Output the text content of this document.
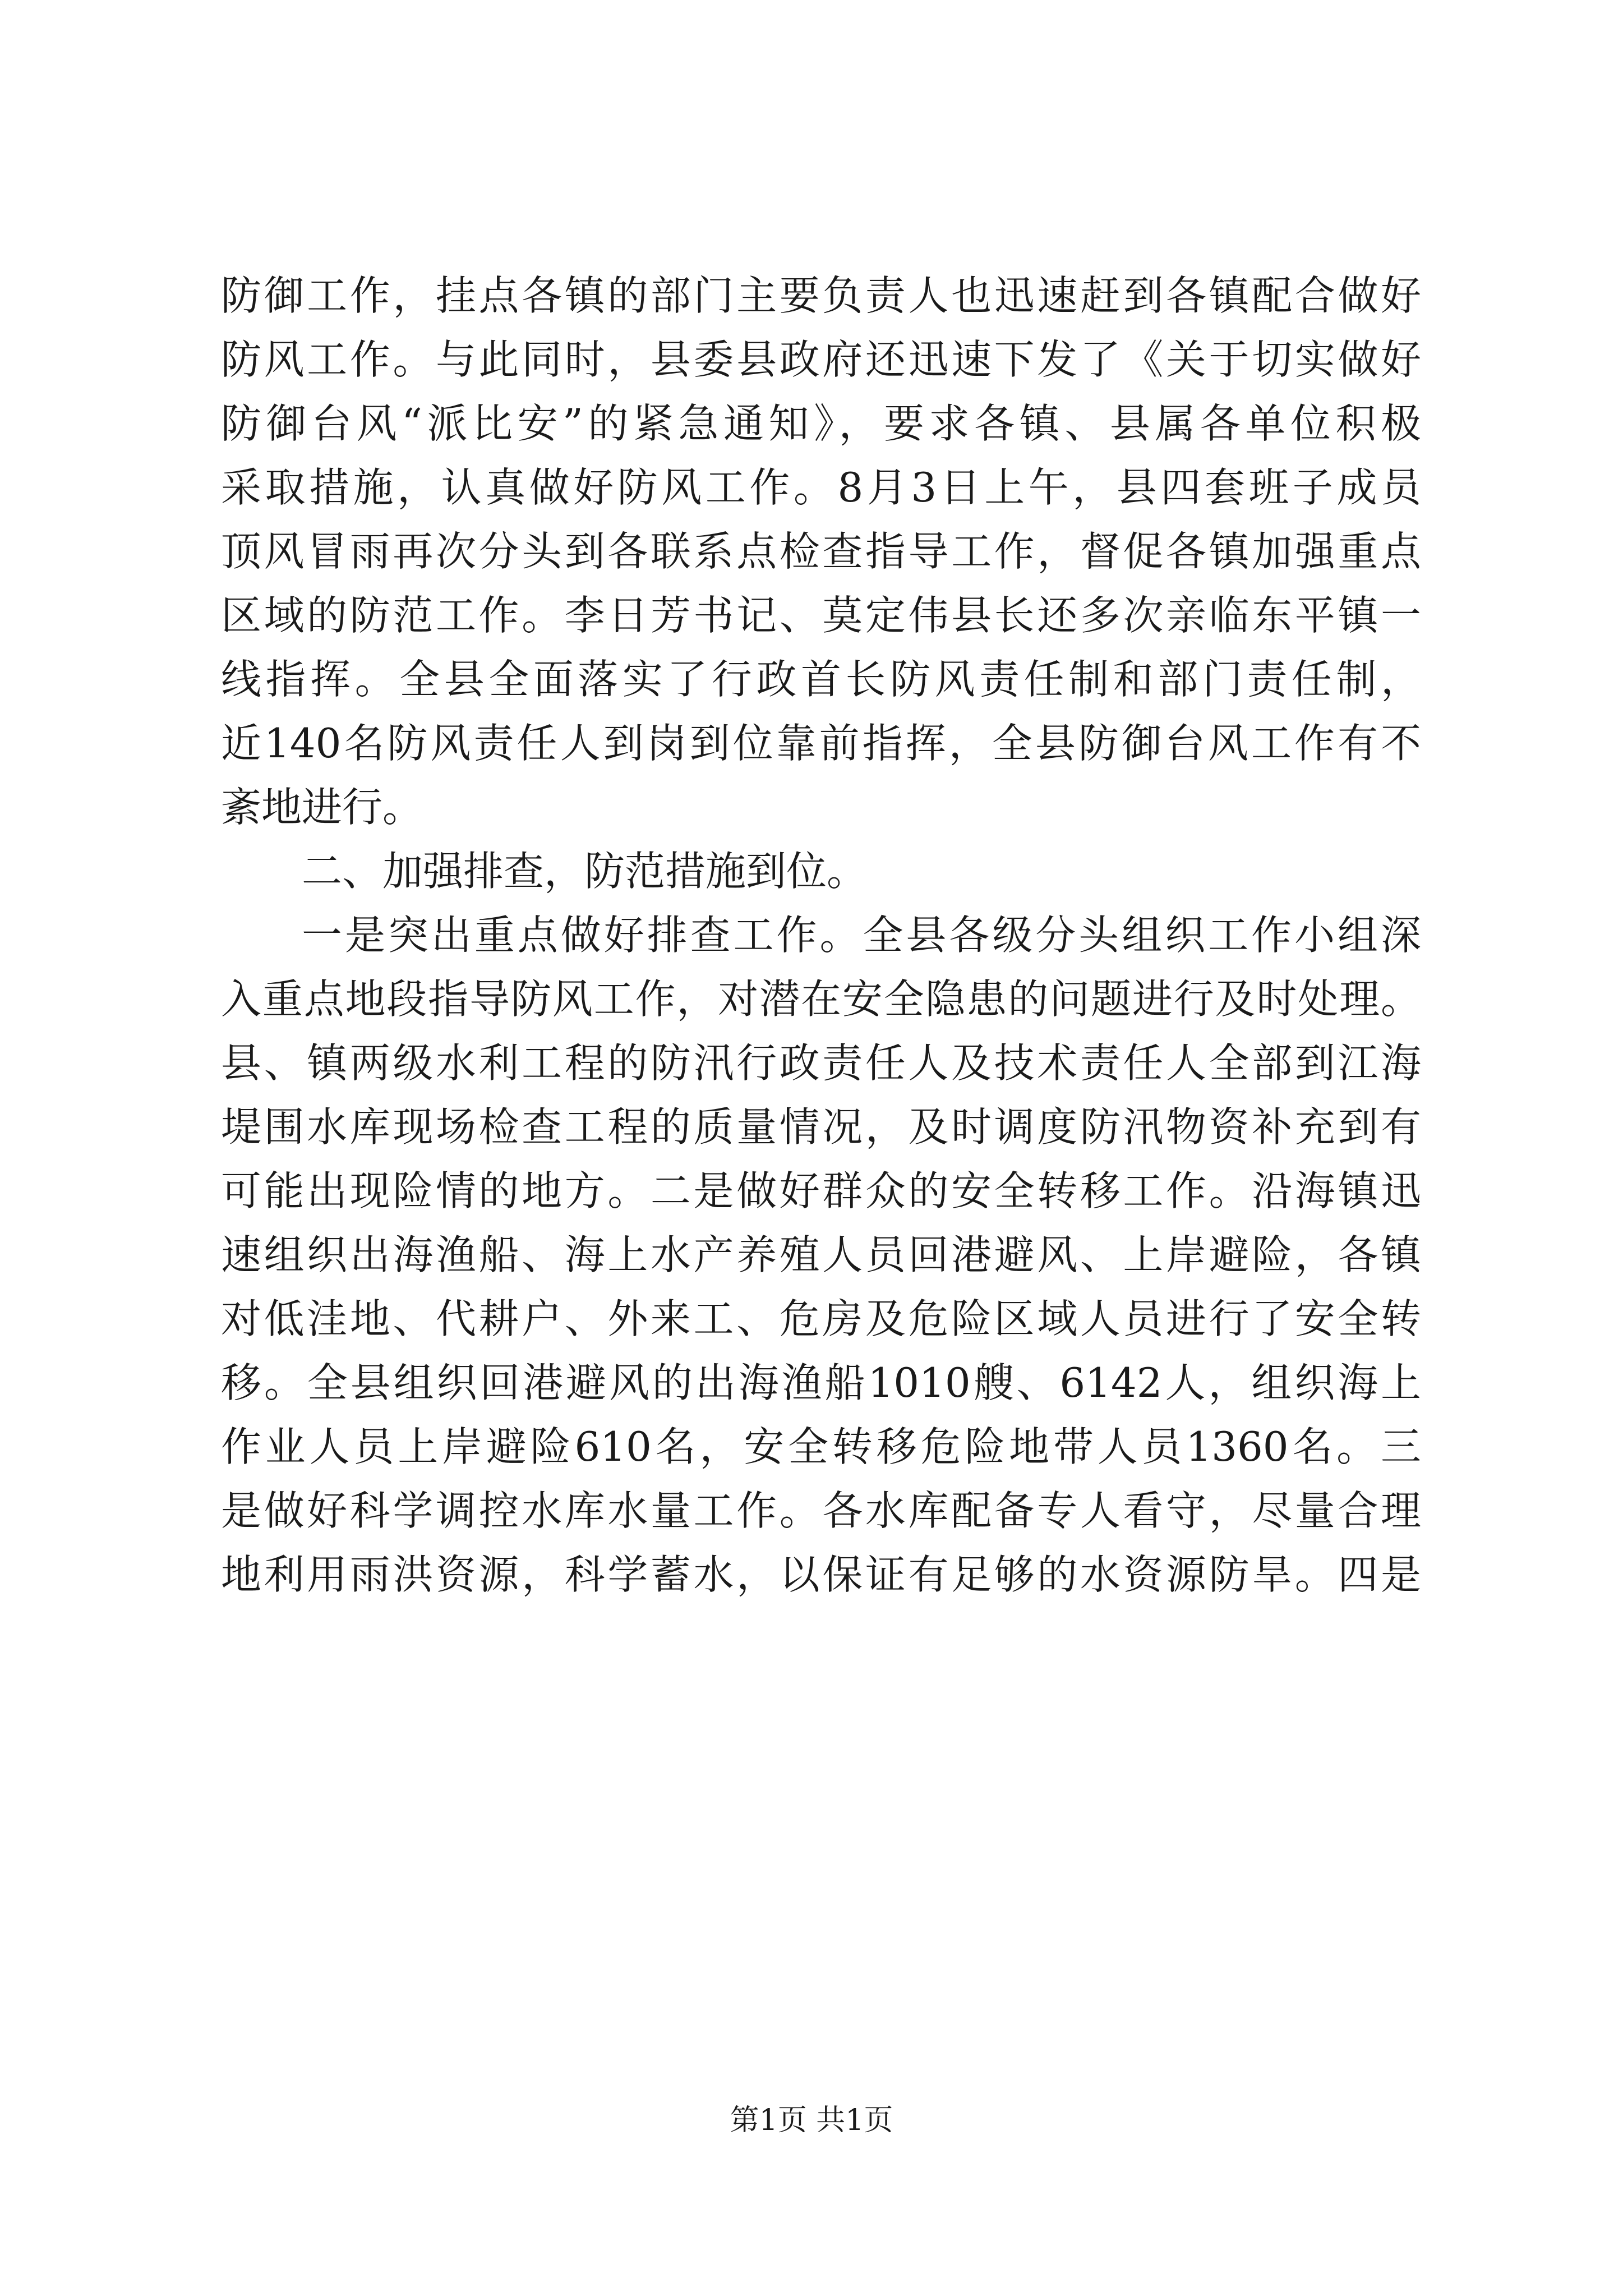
防御工作，挂点各镇的部门主要负责人也迅速赶到各镇配合做好
防风工作。与此同时，县委县政府还迅速下发了《关于切实做好
防御台风“派比安”的紧急通知》，要求各镇、县属各单位积极
采取措施，认真做好防风工作。8月3日上午，县四套班子成员
顶风冒雨再次分头到各联系点检查指导工作，督促各镇加强重点
区域的防范工作。李日芳书记、莫定伟县长还多次亲临东平镇一
线指挥。全县全面落实了行政首长防风责任制和部门责任制，
近140名防风责任人到岗到位靠前指挥，全县防御台风工作有不
紊地进行。
二、加强排查，防范措施到位。
一是突出重点做好排查工作。全县各级分头组织工作小组深
入重点地段指导防风工作，对潜在安全隐患的问题进行及时处理。
县、镇两级水利工程的防汛行政责任人及技术责任人全部到江海
堤围水库现场检查工程的质量情况，及时调度防汛物资补充到有
可能出现险情的地方。二是做好群众的安全转移工作。沿海镇迅
速组织出海渔船、海上水产养殖人员回港避风、上岸避险，各镇
对低洼地、代耕户、外来工、危房及危险区域人员进行了安全转
移。全县组织回港避风的出海渔船1010艘、6142人，组织海上
作业人员上岸避险610名，安全转移危险地带人员1360名。三
是做好科学调控水库水量工作。各水库配备专人看守，尽量合理
地利用雨洪资源，科学蓄水，以保证有足够的水资源防旱。四是
第1页 共1页
